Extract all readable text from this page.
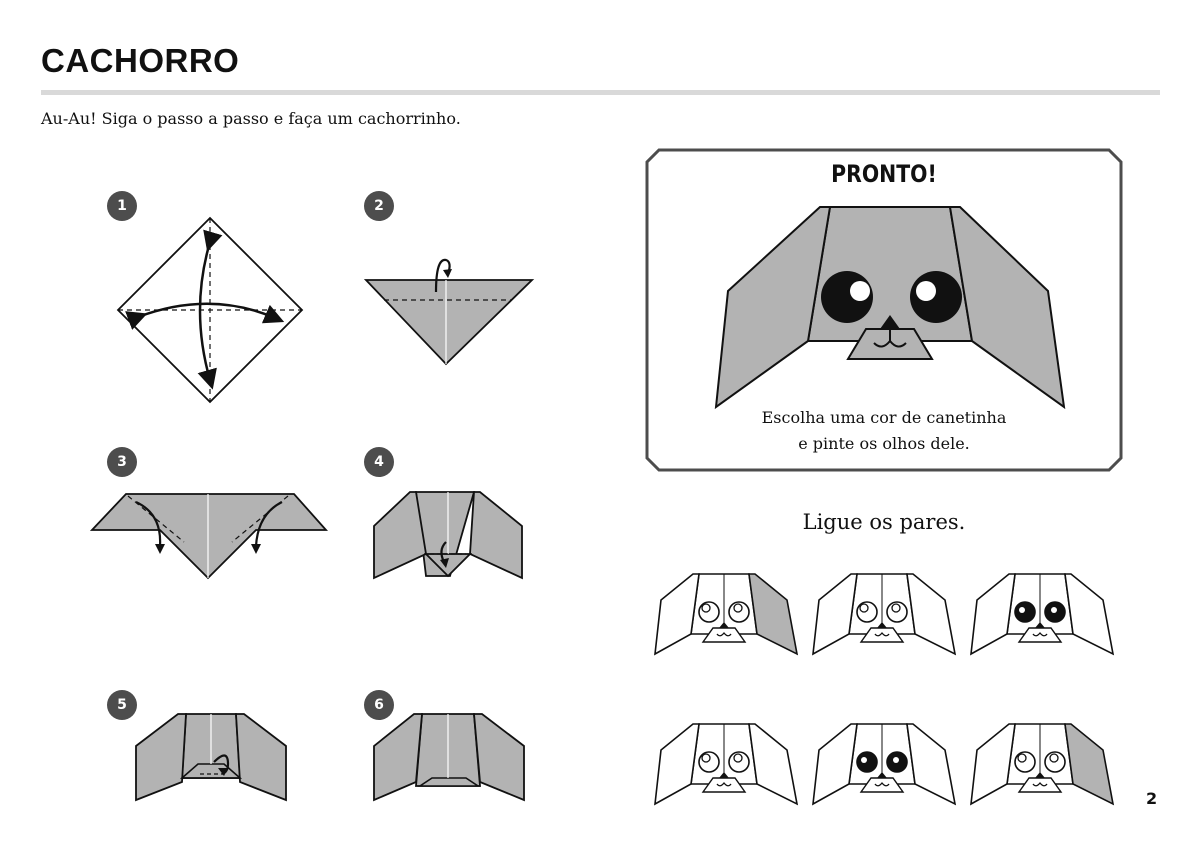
CACHORRO
Au-Au! Siga o passo a passo e faça um cachorrinho.
1	2
3	4
5	6
PRONTO!
Escolha uma cor de canetinha
e pinte os olhos dele.
Ligue os pares.
2
